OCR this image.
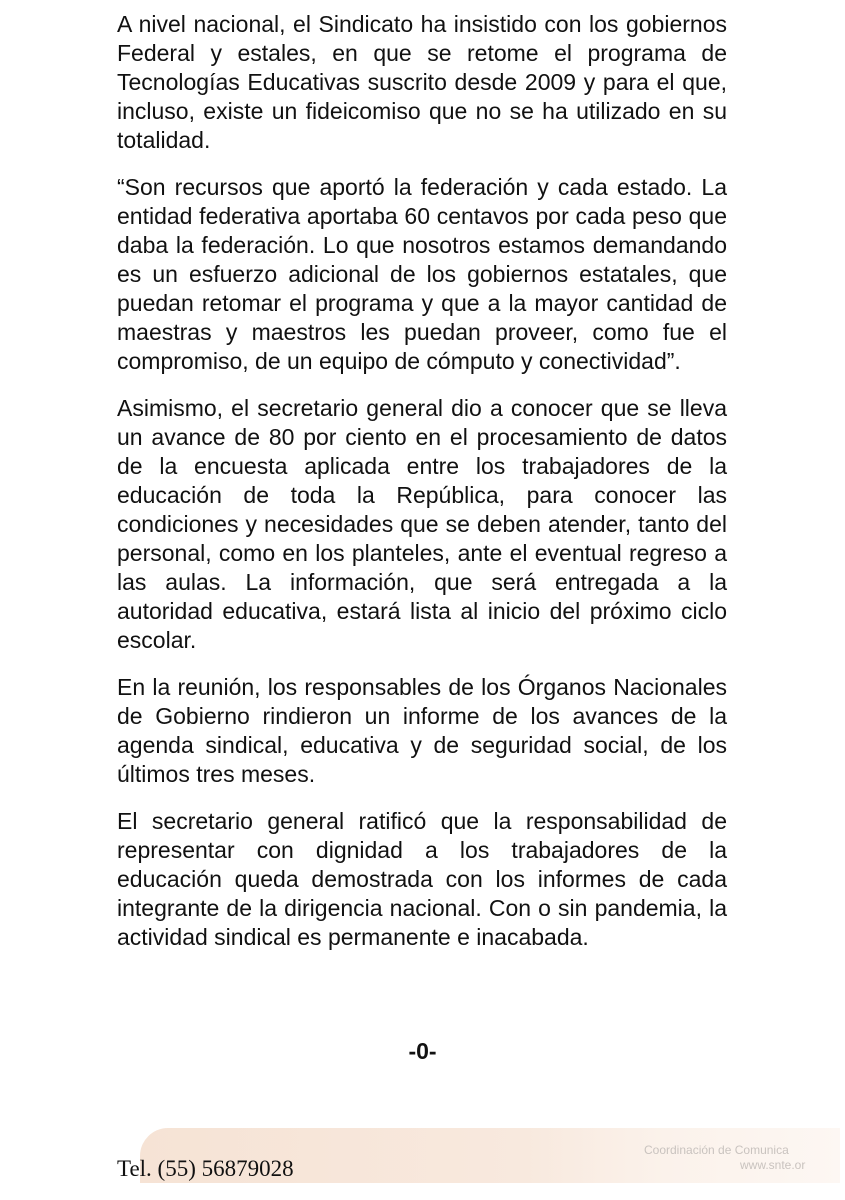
A nivel nacional, el Sindicato ha insistido con los gobiernos Federal y estales, en que se retome el programa de Tecnologías Educativas suscrito desde 2009 y para el que, incluso, existe un fideicomiso que no se ha utilizado en su totalidad.

“Son recursos que aportó la federación y cada estado. La entidad federativa aportaba 60 centavos por cada peso que daba la federación. Lo que nosotros estamos demandando es un esfuerzo adicional de los gobiernos estatales, que puedan retomar el programa y que a la mayor cantidad de maestras y maestros les puedan proveer, como fue el compromiso, de un equipo de cómputo y conectividad”.

Asimismo, el secretario general dio a conocer que se lleva un avance de 80 por ciento en el procesamiento de datos de la encuesta aplicada entre los trabajadores de la educación de toda la República, para conocer las condiciones y necesidades que se deben atender, tanto del personal, como en los planteles, ante el eventual regreso a las aulas. La información, que será entregada a la autoridad educativa, estará lista al inicio del próximo ciclo escolar.

En la reunión, los responsables de los Órganos Nacionales de Gobierno rindieron un informe de los avances de la agenda sindical, educativa y de seguridad social, de los últimos tres meses.

El secretario general ratificó que la responsabilidad de representar con dignidad a los trabajadores de la educación queda demostrada con los informes de cada integrante de la dirigencia nacional. Con o sin pandemia, la actividad sindical es permanente e inacabada.

-0-
Coordinación de Comunica
www.snte.or
Tel. (55) 56879028
